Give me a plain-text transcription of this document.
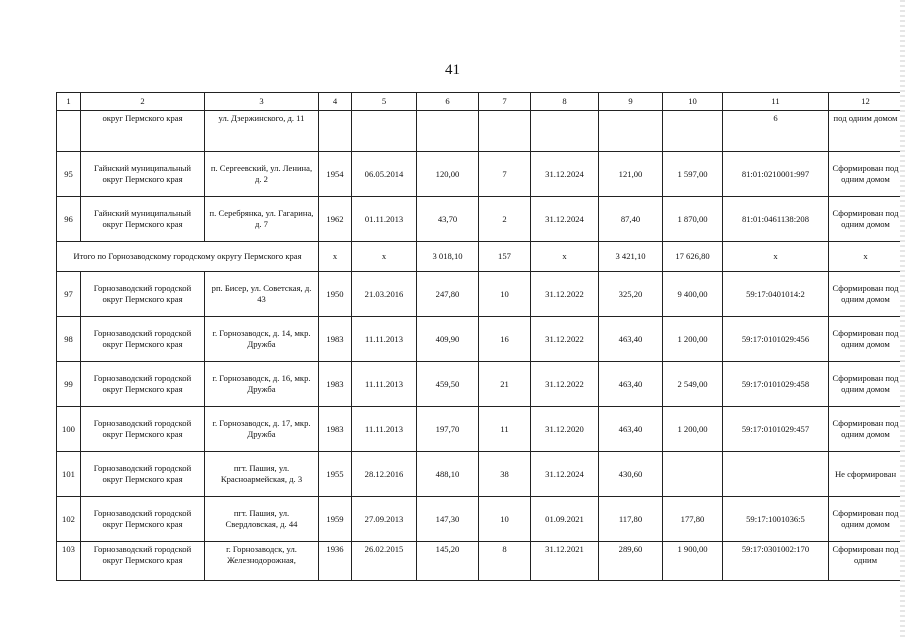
41
1	2	3	4	5	6	7	8	9	10	11	12
	округ Пермского края	ул. Дзержинского, д. 11								6	под одним домом
95	Гайнский муниципальный округ Пермского края	п. Сергеевский, ул. Ленина, д. 2	1954	06.05.2014	120,00	7	31.12.2024	121,00	1 597,00	81:01:0210001:997	Сформирован под одним домом
96	Гайнский муниципальный округ Пермского края	п. Серебрянка, ул. Гагарина, д. 7	1962	01.11.2013	43,70	2	31.12.2024	87,40	1 870,00	81:01:0461138:208	Сформирован под одним домом
Итого по Горнозаводскому городскому округу Пермского края			x	x	3 018,10	157	x	3 421,10	17 626,80	x	x
97	Горнозаводский городской округ Пермского края	рп. Бисер, ул. Советская, д. 43	1950	21.03.2016	247,80	10	31.12.2022	325,20	9 400,00	59:17:0401014:2	Сформирован под одним домом
98	Горнозаводский городской округ Пермского края	г. Горнозаводск, д. 14, мкр. Дружба	1983	11.11.2013	409,90	16	31.12.2022	463,40	1 200,00	59:17:0101029:456	Сформирован под одним домом
99	Горнозаводский городской округ Пермского края	г. Горнозаводск, д. 16, мкр. Дружба	1983	11.11.2013	459,50	21	31.12.2022	463,40	2 549,00	59:17:0101029:458	Сформирован под одним домом
100	Горнозаводский городской округ Пермского края	г. Горнозаводск, д. 17, мкр. Дружба	1983	11.11.2013	197,70	11	31.12.2020	463,40	1 200,00	59:17:0101029:457	Сформирован под одним домом
101	Горнозаводский городской округ Пермского края	пгт. Пашия, ул. Красноармейская, д. 3	1955	28.12.2016	488,10	38	31.12.2024	430,60			Не сформирован
102	Горнозаводский городской округ Пермского края	пгт. Пашия, ул. Свердловская, д. 44	1959	27.09.2013	147,30	10	01.09.2021	117,80	177,80	59:17:1001036:5	Сформирован под одним домом
103	Горнозаводский городской округ Пермского края	г. Горнозаводск, ул. Железнодорожная,	1936	26.02.2015	145,20	8	31.12.2021	289,60	1 900,00	59:17:0301002:170	Сформирован под одним
